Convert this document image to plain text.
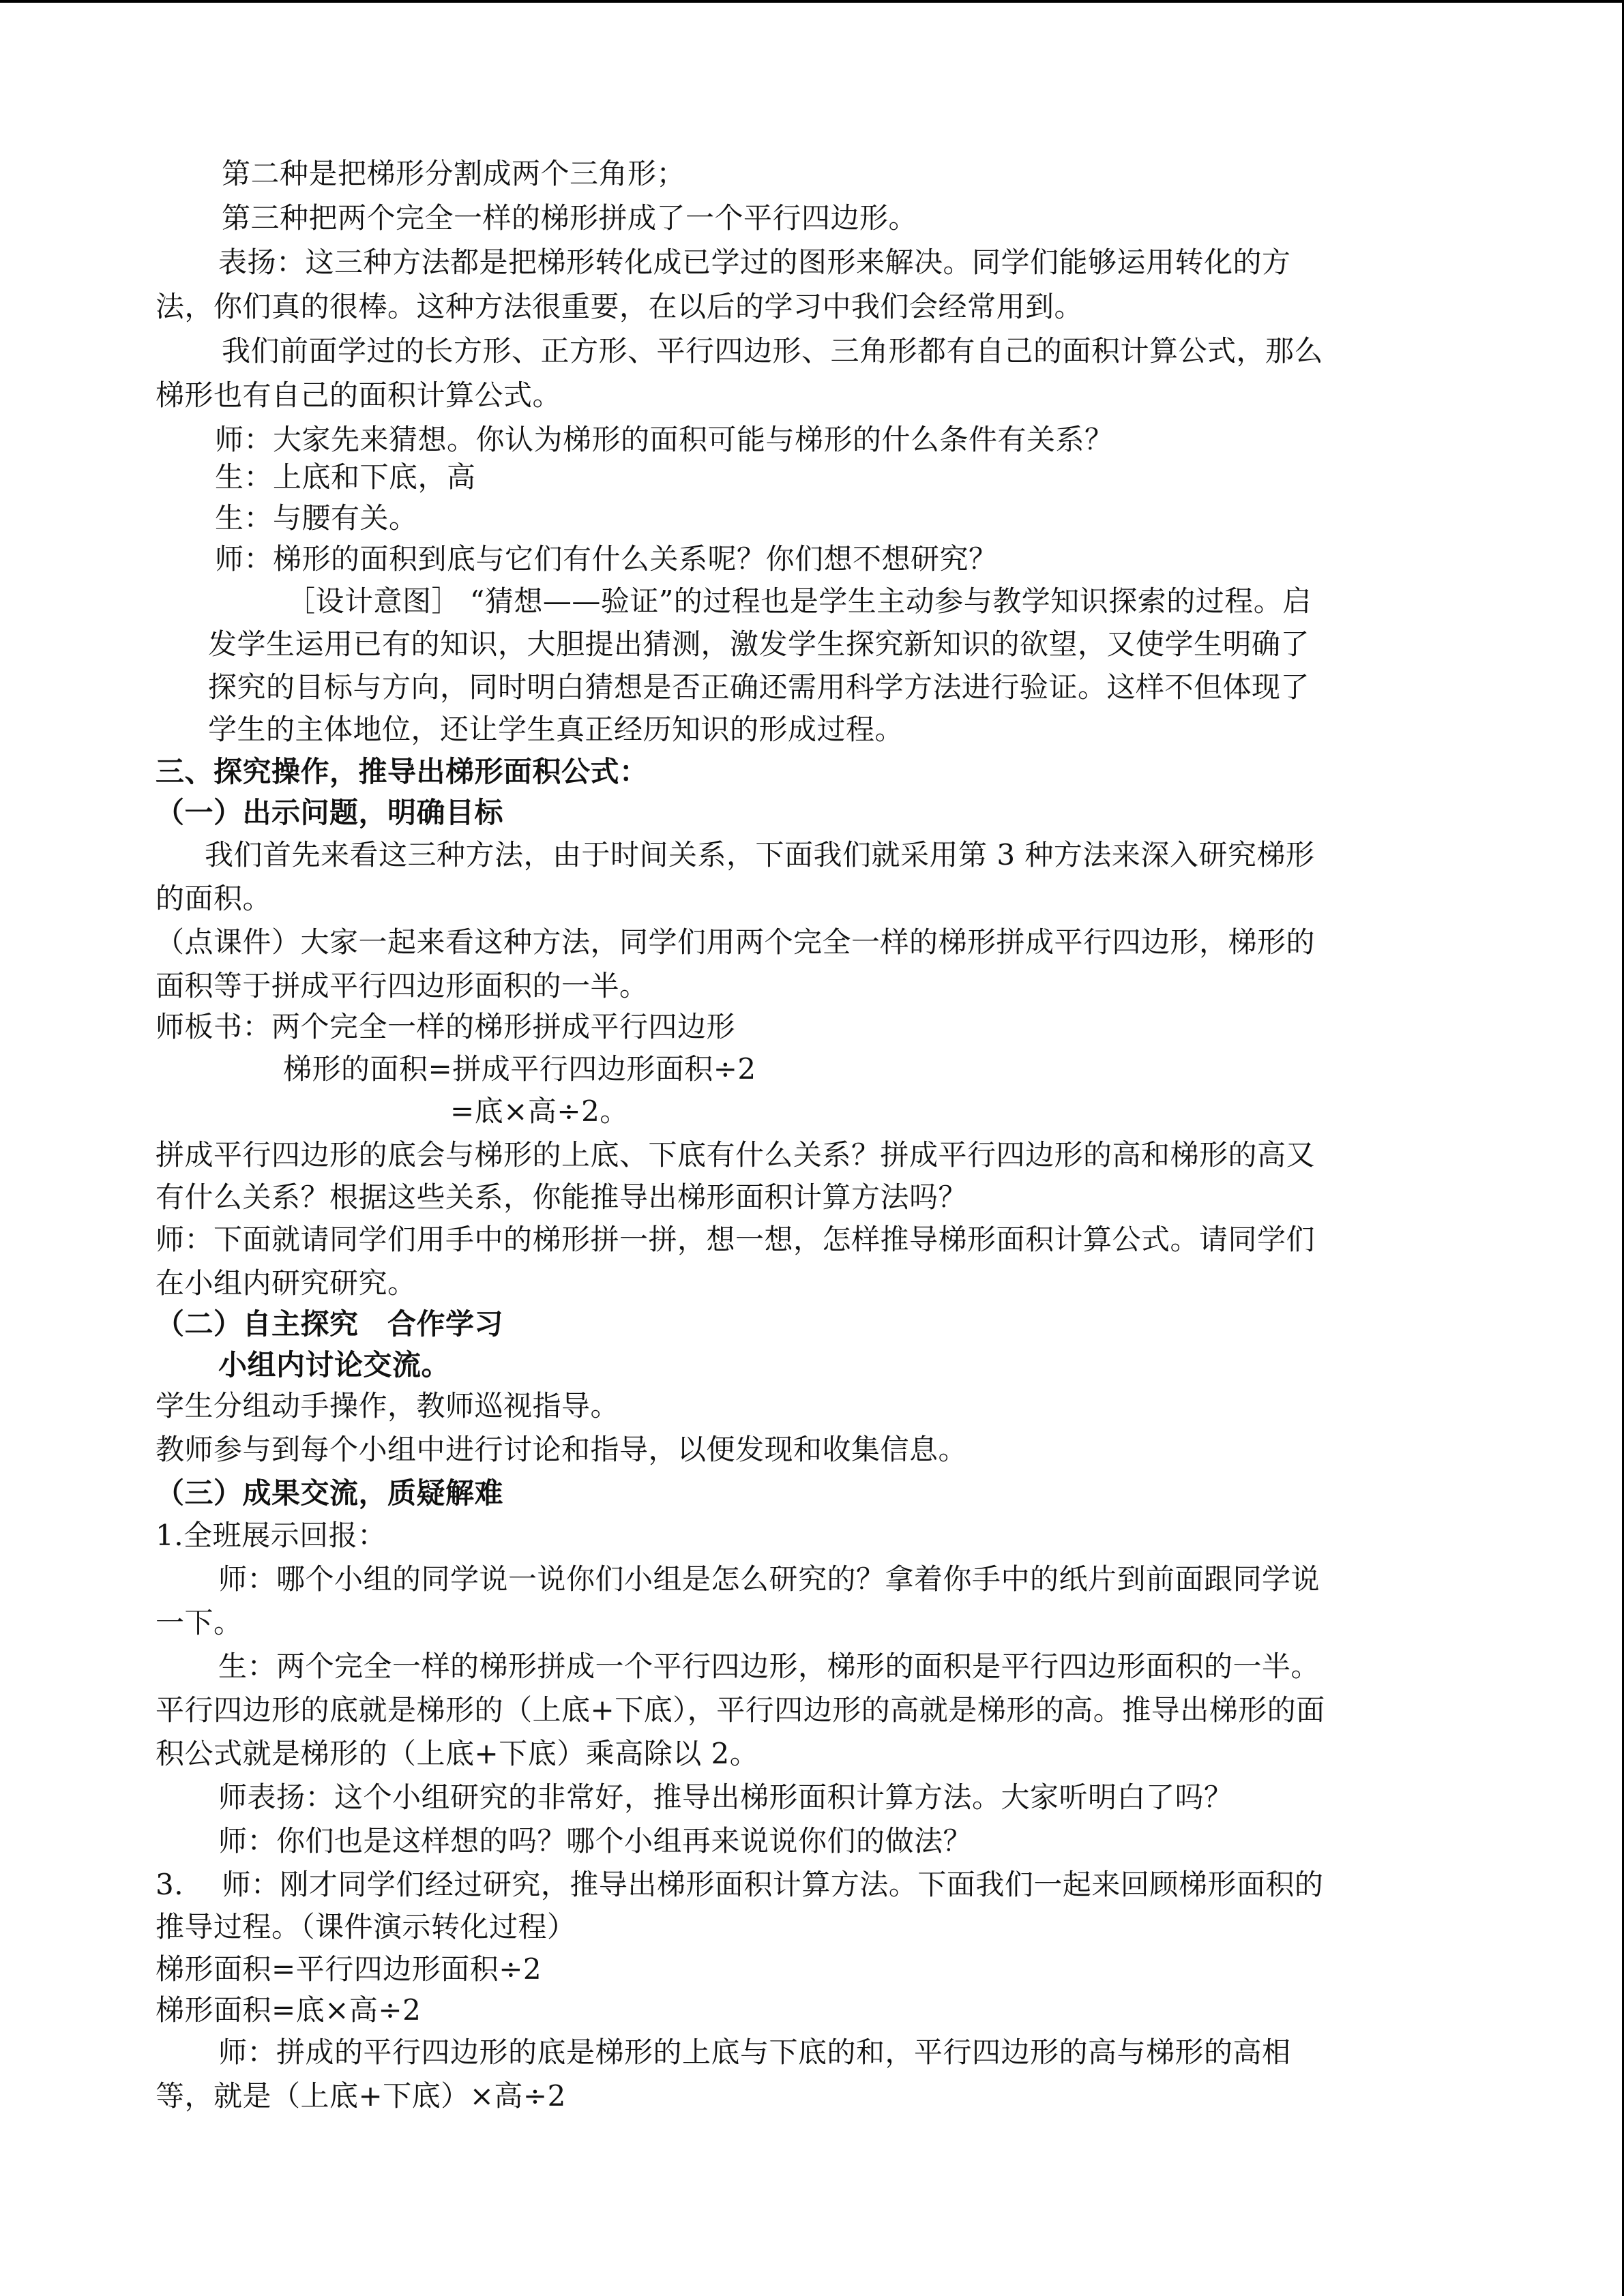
第二种是把梯形分割成两个三角形；
第三种把两个完全一样的梯形拼成了一个平行四边形。
表扬：这三种方法都是把梯形转化成已学过的图形来解决。同学们能够运用转化的方
法，你们真的很棒。这种方法很重要，在以后的学习中我们会经常用到。
我们前面学过的长方形、正方形、平行四边形、三角形都有自己的面积计算公式，那么
梯形也有自己的面积计算公式。
师：大家先来猜想。你认为梯形的面积可能与梯形的什么条件有关系？
生：上底和下底，高
生：与腰有关。
师：梯形的面积到底与它们有什么关系呢？你们想不想研究？
［设计意图］ “猜想——验证”的过程也是学生主动参与教学知识探索的过程。启
发学生运用已有的知识，大胆提出猜测，激发学生探究新知识的欲望，又使学生明确了
探究的目标与方向，同时明白猜想是否正确还需用科学方法进行验证。这样不但体现了
学生的主体地位，还让学生真正经历知识的形成过程。
三、探究操作，推导出梯形面积公式：
（一）出示问题，明确目标
我们首先来看这三种方法，由于时间关系，下面我们就采用第 3 种方法来深入研究梯形
的面积。
（点课件）大家一起来看这种方法，同学们用两个完全一样的梯形拼成平行四边形，梯形的
面积等于拼成平行四边形面积的一半。
师板书：两个完全一样的梯形拼成平行四边形
梯形的面积=拼成平行四边形面积÷2
=底×高÷2。
拼成平行四边形的底会与梯形的上底、下底有什么关系？拼成平行四边形的高和梯形的高又
有什么关系？根据这些关系，你能推导出梯形面积计算方法吗？
师：下面就请同学们用手中的梯形拼一拼，想一想，怎样推导梯形面积计算公式。请同学们
在小组内研究研究。
（二）自主探究　合作学习
小组内讨论交流。
学生分组动手操作，教师巡视指导。
教师参与到每个小组中进行讨论和指导，以便发现和收集信息。
（三）成果交流，质疑解难
1.全班展示回报：
师：哪个小组的同学说一说你们小组是怎么研究的？拿着你手中的纸片到前面跟同学说
一下。
生：两个完全一样的梯形拼成一个平行四边形，梯形的面积是平行四边形面积的一半。
平行四边形的底就是梯形的（上底+下底），平行四边形的高就是梯形的高。推导出梯形的面
积公式就是梯形的（上底+下底）乘高除以 2。
师表扬：这个小组研究的非常好，推导出梯形面积计算方法。大家听明白了吗？
师：你们也是这样想的吗？哪个小组再来说说你们的做法？
3.　 师：刚才同学们经过研究，推导出梯形面积计算方法。下面我们一起来回顾梯形面积的
推导过程。（课件演示转化过程）
梯形面积=平行四边形面积÷2
梯形面积=底×高÷2
师：拼成的平行四边形的底是梯形的上底与下底的和，平行四边形的高与梯形的高相
等，就是（上底+下底）×高÷2
